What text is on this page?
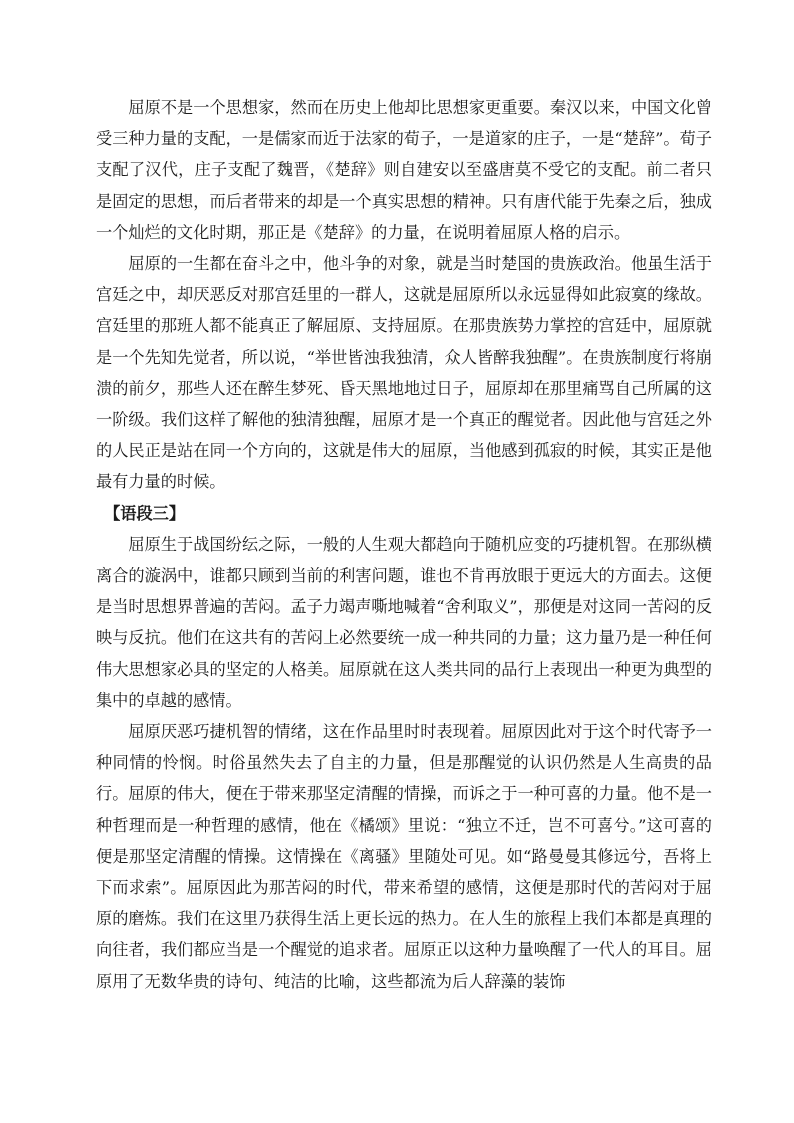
屈原不是一个思想家，然而在历史上他却比思想家更重要。秦汉以来，中国文化曾受三种力量的支配，一是儒家而近于法家的荀子，一是道家的庄子，一是“楚辞”。荀子支配了汉代，庄子支配了魏晋，《楚辞》则自建安以至盛唐莫不受它的支配。前二者只是固定的思想，而后者带来的却是一个真实思想的精神。只有唐代能于先秦之后，独成一个灿烂的文化时期，那正是《楚辞》的力量，在说明着屈原人格的启示。

屈原的一生都在奋斗之中，他斗争的对象，就是当时楚国的贵族政治。他虽生活于宫廷之中，却厌恶反对那宫廷里的一群人，这就是屈原所以永远显得如此寂寞的缘故。宫廷里的那班人都不能真正了解屈原、支持屈原。在那贵族势力掌控的宫廷中，屈原就是一个先知先觉者，所以说，“举世皆浊我独清，众人皆醉我独醒”。在贵族制度行将崩溃的前夕，那些人还在醉生梦死、昏天黑地地过日子，屈原却在那里痛骂自己所属的这一阶级。我们这样了解他的独清独醒，屈原才是一个真正的醒觉者。因此他与宫廷之外的人民正是站在同一个方向的，这就是伟大的屈原，当他感到孤寂的时候，其实正是他最有力量的时候。

【语段三】

屈原生于战国纷纭之际，一般的人生观大都趋向于随机应变的巧捷机智。在那纵横离合的漩涡中，谁都只顾到当前的利害问题，谁也不肯再放眼于更远大的方面去。这便是当时思想界普遍的苦闷。孟子力竭声嘶地喊着“舍利取义”，那便是对这同一苦闷的反映与反抗。他们在这共有的苦闷上必然要统一成一种共同的力量；这力量乃是一种任何伟大思想家必具的坚定的人格美。屈原就在这人类共同的品行上表现出一种更为典型的集中的卓越的感情。

屈原厌恶巧捷机智的情绪，这在作品里时时表现着。屈原因此对于这个时代寄予一种同情的怜悯。时俗虽然失去了自主的力量，但是那醒觉的认识仍然是人生高贵的品行。屈原的伟大，便在于带来那坚定清醒的情操，而诉之于一种可喜的力量。他不是一种哲理而是一种哲理的感情，他在《橘颂》里说：“独立不迁，岂不可喜兮。”这可喜的便是那坚定清醒的情操。这情操在《离骚》里随处可见。如“路曼曼其修远兮，吾将上下而求索”。屈原因此为那苦闷的时代，带来希望的感情，这便是那时代的苦闷对于屈原的磨炼。我们在这里乃获得生活上更长远的热力。在人生的旅程上我们本都是真理的向往者，我们都应当是一个醒觉的追求者。屈原正以这种力量唤醒了一代人的耳目。屈原用了无数华贵的诗句、纯洁的比喻，这些都流为后人辞藻的装饰
